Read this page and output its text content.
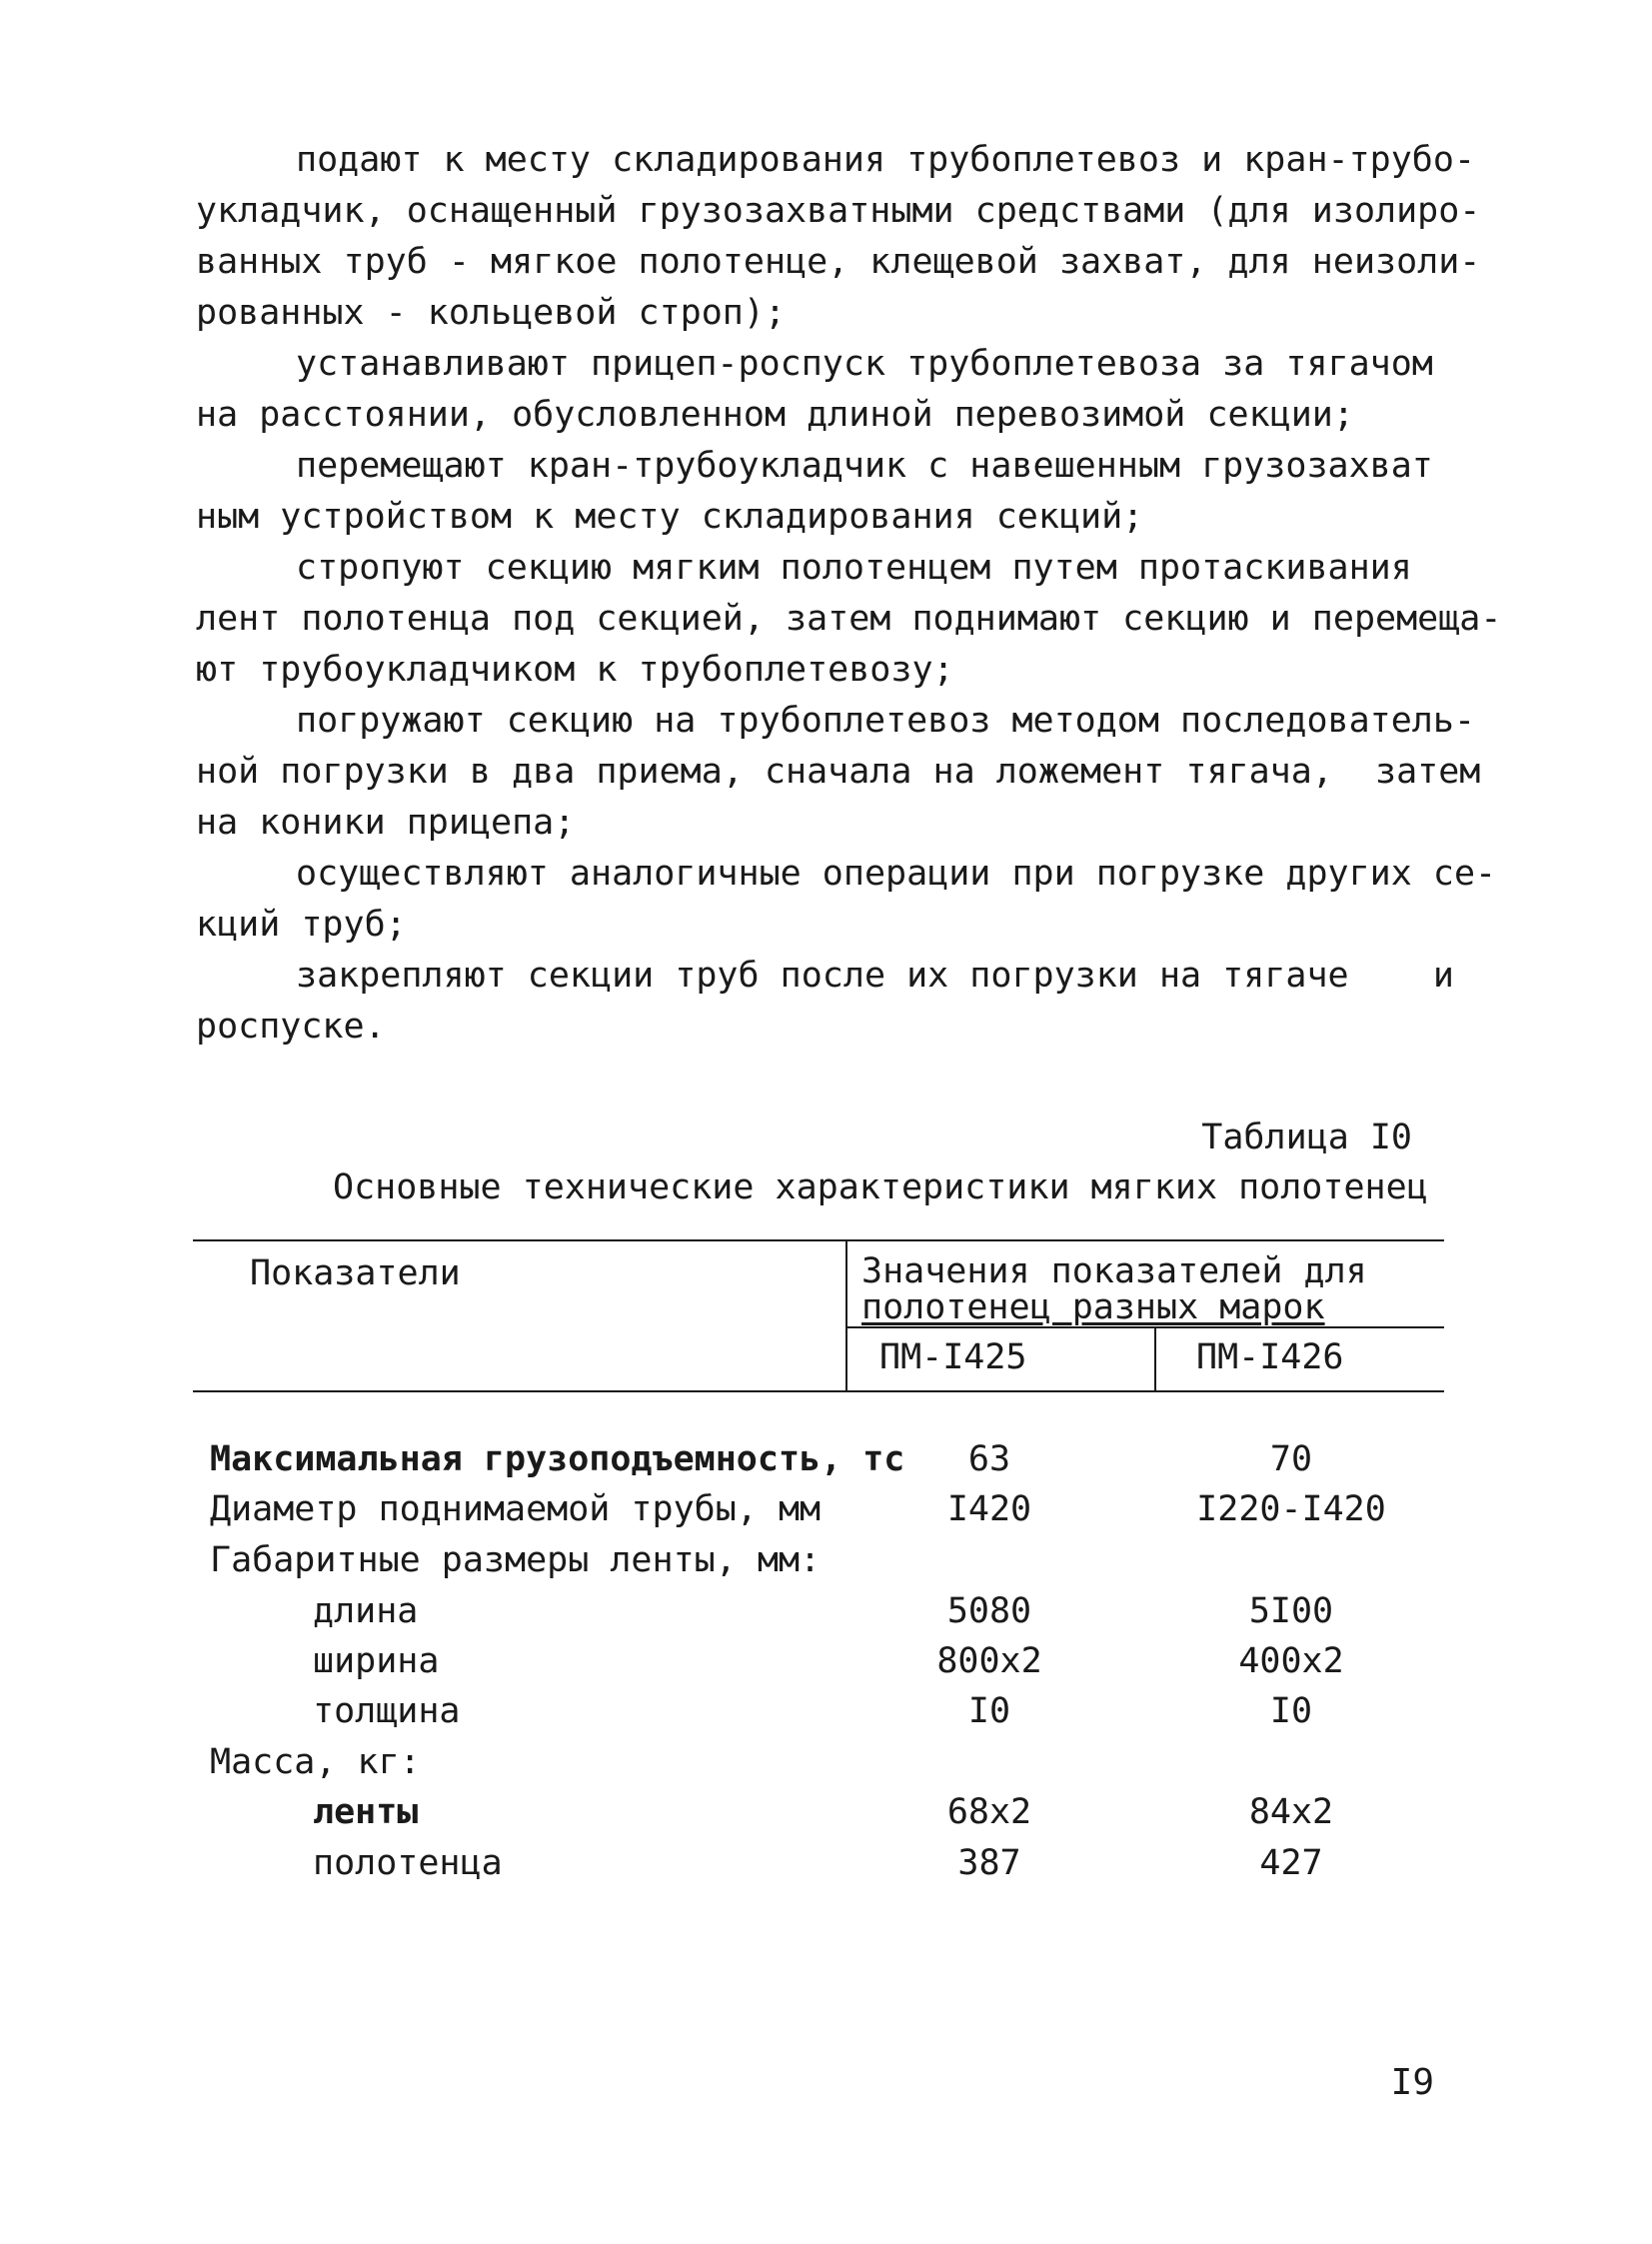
подают к месту складирования трубоплетевоз и кран-трубо-
укладчик, оснащенный грузозахватными средствами (для изолиро-
ванных труб - мягкое полотенце, клещевой захват, для неизоли-
рованных - кольцевой строп);
устанавливают прицеп-роспуск трубоплетевоза за тягачом
на расстоянии, обусловленном длиной перевозимой секции;
перемещают кран-трубоукладчик с навешенным грузозахват
ным устройством к месту складирования секций;
стропуют секцию мягким полотенцем путем протаскивания
лент полотенца под секцией, затем поднимают секцию и перемеща-
ют трубоукладчиком к трубоплетевозу;
погружают секцию на трубоплетевоз методом последователь-
ной погрузки в два приема, сначала на ложемент тягача,  затем
на коники прицепа;
осуществляют аналогичные операции при погрузке других се-
кций труб;
закрепляют секции труб после их погрузки на тягаче    и
роспуске.
Таблица I0
Основные технические характеристики мягких полотенец
Показатели	Значения показателей для
полотенец разных марок
ПМ-I425	ПМ-I426
Максимальная грузоподъемность, тс	63	70
Диаметр поднимаемой трубы, мм	I420	I220-I420
Габаритные размеры ленты, мм:
длина	5080	5I00
ширина	800x2	400x2
толщина	I0	I0
Масса, кг:
ленты	68x2	84x2
полотенца	387	427
I9
